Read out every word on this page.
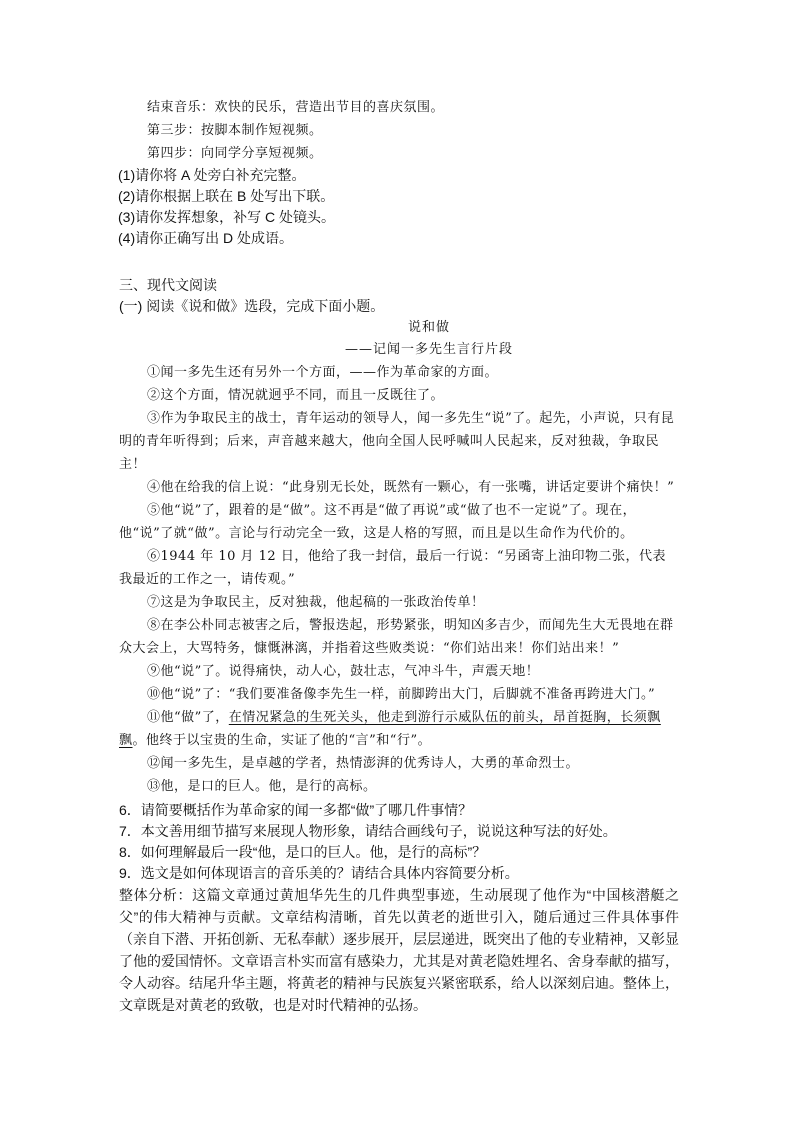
结束音乐：欢快的民乐，营造出节目的喜庆氛围。

第三步：按脚本制作短视频。

第四步：向同学分享短视频。

(1)请你将 A 处旁白补充完整。

(2)请你根据上联在 B 处写出下联。

(3)请你发挥想象，补写 C 处镜头。

(4)请你正确写出 D 处成语。

三、现代文阅读

(一) 阅读《说和做》选段，完成下面小题。

说和做

——记闻一多先生言行片段

①闻一多先生还有另外一个方面，——作为革命家的方面。

②这个方面，情况就迥乎不同，而且一反既往了。

③作为争取民主的战士，青年运动的领导人，闻一多先生“说”了。起先，小声说，只有昆明的青年听得到；后来，声音越来越大，他向全国人民呼喊叫人民起来，反对独裁，争取民主！

④他在给我的信上说：“此身别无长处，既然有一颗心，有一张嘴，讲话定要讲个痛快！”

⑤他“说”了，跟着的是“做”。这不再是“做了再说”或“做了也不一定说”了。现在，他“说”了就“做”。言论与行动完全一致，这是人格的写照，而且是以生命作为代价的。

⑥1944 年 10 月 12 日，他给了我一封信，最后一行说：“另函寄上油印物二张，代表我最近的工作之一，请传观。”

⑦这是为争取民主，反对独裁，他起稿的一张政治传单！

⑧在李公朴同志被害之后，警报迭起，形势紧张，明知凶多吉少，而闻先生大无畏地在群众大会上，大骂特务，慷慨淋漓，并指着这些败类说：“你们站出来！你们站出来！”

⑨他“说”了。说得痛快，动人心，鼓壮志，气冲斗牛，声震天地！

⑩他“说”了：“我们要准备像李先生一样，前脚跨出大门，后脚就不准备再跨进大门。”

⑪他“做”了，在情况紧急的生死关头，他走到游行示威队伍的前头，昂首挺胸，长须飘飘。他终于以宝贵的生命，实证了他的“言”和“行”。

⑫闻一多先生，是卓越的学者，热情澎湃的优秀诗人，大勇的革命烈士。

⑬他，是口的巨人。他，是行的高标。

6．请简要概括作为革命家的闻一多都“做”了哪几件事情？

7．本文善用细节描写来展现人物形象，请结合画线句子，说说这种写法的好处。

8．如何理解最后一段“他，是口的巨人。他，是行的高标”？

9．选文是如何体现语言的音乐美的？请结合具体内容简要分析。

整体分析：这篇文章通过黄旭华先生的几件典型事迹，生动展现了他作为“中国核潜艇之父”的伟大精神与贡献。文章结构清晰，首先以黄老的逝世引入，随后通过三件具体事件（亲自下潜、开拓创新、无私奉献）逐步展开，层层递进，既突出了他的专业精神，又彰显了他的爱国情怀。文章语言朴实而富有感染力，尤其是对黄老隐姓埋名、舍身奉献的描写，令人动容。结尾升华主题，将黄老的精神与民族复兴紧密联系，给人以深刻启迪。整体上，文章既是对黄老的致敬，也是对时代精神的弘扬。
